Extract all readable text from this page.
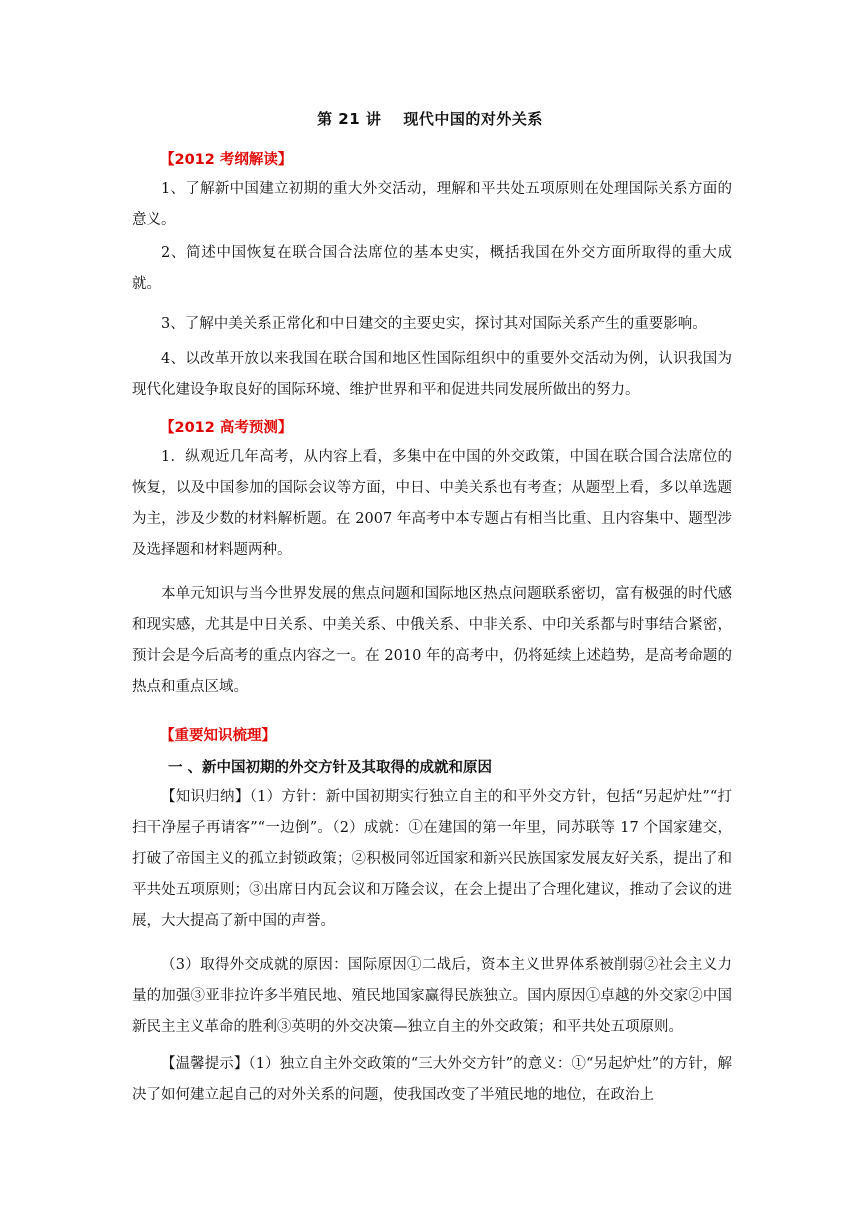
第 21 讲 现代中国的对外关系
【2012 考纲解读】

1、了解新中国建立初期的重大外交活动，理解和平共处五项原则在处理国际关系方面的意义。

2、简述中国恢复在联合国合法席位的基本史实，概括我国在外交方面所取得的重大成就。

3、了解中美关系正常化和中日建交的主要史实，探讨其对国际关系产生的重要影响。

4、以改革开放以来我国在联合国和地区性国际组织中的重要外交活动为例，认识我国为现代化建设争取良好的国际环境、维护世界和平和促进共同发展所做出的努力。

【2012 高考预测】

1．纵观近几年高考，从内容上看，多集中在中国的外交政策，中国在联合国合法席位的恢复，以及中国参加的国际会议等方面，中日、中美关系也有考查；从题型上看，多以单选题为主，涉及少数的材料解析题。在 2007 年高考中本专题占有相当比重、且内容集中、题型涉及选择题和材料题两种。

本单元知识与当今世界发展的焦点问题和国际地区热点问题联系密切，富有极强的时代感和现实感，尤其是中日关系、中美关系、中俄关系、中非关系、中印关系都与时事结合紧密，预计会是今后高考的重点内容之一。在 2010 年的高考中，仍将延续上述趋势，是高考命题的热点和重点区域。

【重要知识梳理】
一 、新中国初期的外交方针及其取得的成就和原因

【知识归纳】（1）方针：新中国初期实行独立自主的和平外交方针，包括“另起炉灶”“打扫干净屋子再请客”“一边倒”。（2）成就：①在建国的第一年里，同苏联等 17 个国家建交，打破了帝国主义的孤立封锁政策；②积极同邻近国家和新兴民族国家发展友好关系，提出了和平共处五项原则；③出席日内瓦会议和万隆会议，在会上提出了合理化建议，推动了会议的进展，大大提高了新中国的声誉。

（3）取得外交成就的原因：国际原因①二战后，资本主义世界体系被削弱②社会主义力量的加强③亚非拉许多半殖民地、殖民地国家赢得民族独立。国内原因①卓越的外交家②中国新民主主义革命的胜利③英明的外交决策—独立自主的外交政策；和平共处五项原则。

【温馨提示】（1）独立自主外交政策的“三大外交方针”的意义：①“另起炉灶”的方针，解决了如何建立起自己的对外关系的问题，使我国改变了半殖民地的地位，在政治上
